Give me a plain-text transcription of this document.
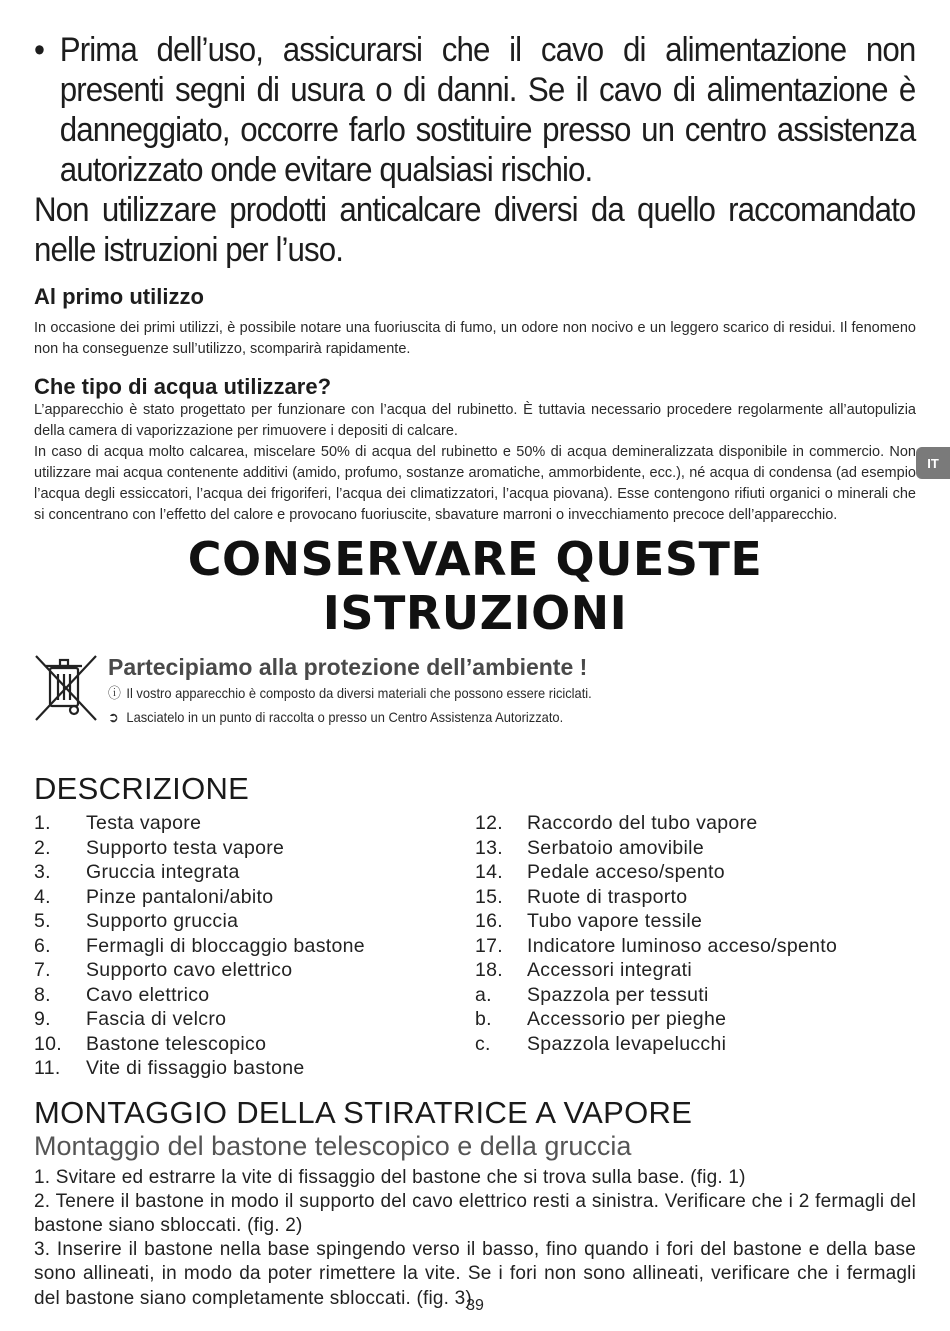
• Prima dell’uso, assicurarsi che il cavo di alimentazione non presenti segni di usura o di danni. Se il cavo di alimentazione è danneggiato, occorre farlo sostituire presso un centro assistenza autorizzato onde evitare qualsiasi rischio.
Non utilizzare prodotti anticalcare diversi da quello raccomandato nelle istruzioni per l’uso.
Al primo utilizzo

In occasione dei primi utilizzi, è possibile notare una fuoriuscita di fumo, un odore non nocivo e un leggero scarico di residui. Il fenomeno non ha conseguenze sull’utilizzo, scomparirà rapidamente.

Che tipo di acqua utilizzare?

L’apparecchio è stato progettato per funzionare con l’acqua del rubinetto. È tuttavia necessario procedere regolarmente all’autopulizia della camera di vaporizzazione per rimuovere i depositi di calcare.

In caso di acqua molto calcarea, miscelare 50% di acqua del rubinetto e 50% di acqua demineralizzata disponibile in commercio. Non utilizzare mai acqua contenente additivi (amido, profumo, sostanze aromatiche, ammorbidente, ecc.), né acqua di condensa (ad esempio l’acqua degli essiccatori, l’acqua dei frigoriferi, l’acqua dei climatizzatori, l’acqua piovana). Esse contengono rifiuti organici o minerali che si concentrano con l’effetto del calore e provocano fuoriuscite, sbavature marroni o invecchiamento precoce dell’apparecchio.

CONSERVARE QUESTE ISTRUZIONI
Partecipiamo alla protezione dell’ambiente !
ⓘ Il vostro apparecchio è composto da diversi materiali che possono essere riciclati.
➲ Lasciatelo in un punto di raccolta o presso un Centro Assistenza Autorizzato.
DESCRIZIONE
1.	Testa vapore
2.	Supporto testa vapore
3.	Gruccia integrata
4.	Pinze pantaloni/abito
5.	Supporto gruccia
6.	Fermagli di bloccaggio bastone
7.	Supporto cavo elettrico
8.	Cavo elettrico
9.	Fascia di velcro
10.	Bastone telescopico
11.	Vite di fissaggio bastone
12.	Raccordo del tubo vapore
13.	Serbatoio amovibile
14.	Pedale acceso/spento
15.	Ruote di trasporto
16.	Tubo vapore tessile
17.	Indicatore luminoso acceso/spento
18.	Accessori integrati
a.	Spazzola per tessuti
b.	Accessorio per pieghe
c.	Spazzola levapelucchi
MONTAGGIO DELLA STIRATRICE A VAPORE
Montaggio del bastone telescopico e della gruccia

1. Svitare ed estrarre la vite di fissaggio del bastone che si trova sulla base. (fig. 1)

2. Tenere il bastone in modo il supporto del cavo elettrico resti a sinistra. Verificare che i 2 fermagli del bastone siano sbloccati. (fig. 2)

3. Inserire il bastone nella base spingendo verso il basso, fino quando i fori del bastone e della base sono allineati, in modo da poter rimettere la vite. Se i fori non sono allineati, verificare che i fermagli del bastone siano completamente sbloccati. (fig. 3)

IT
39
